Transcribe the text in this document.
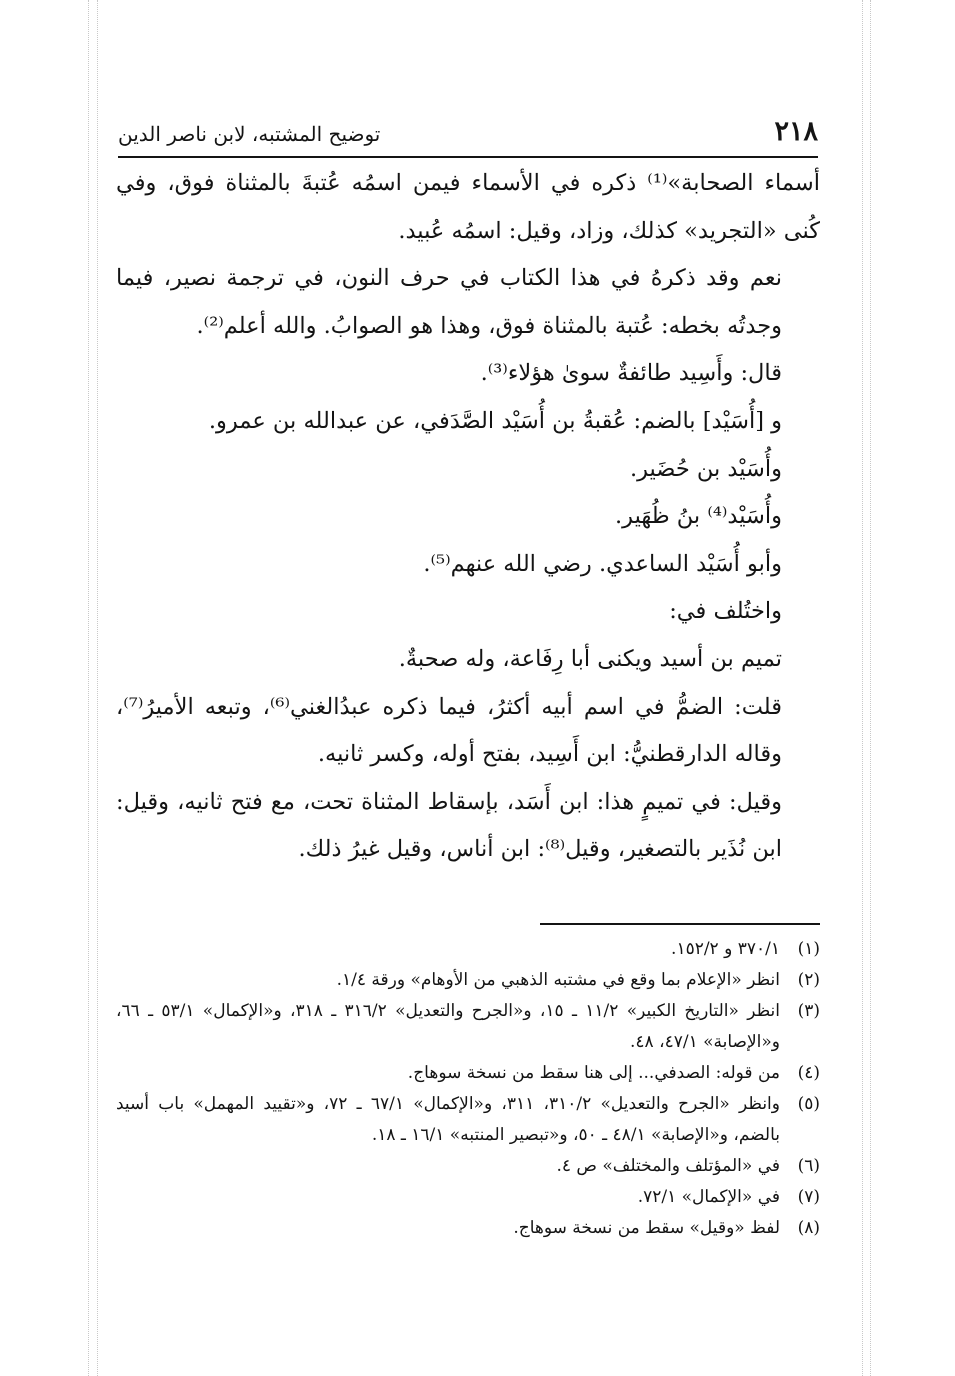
٢١٨
توضيح المشتبه، لابن ناصر الدين

أسماء الصحابة»⁽¹⁾ ذكره في الأسماء فيمن اسمُه عُتبةَ بالمثناة فوق، وفي كُنى «التجريد» كذلك، وزاد، وقيل: اسمُه عُبيد.

نعم وقد ذكرهُ في هذا الكتاب في حرف النون، في ترجمة نصير، فيما وجدتُه بخطه: عُتبة بالمثناة فوق، وهذا هو الصوابُ. والله أعلم⁽²⁾.

قال: وأَسِيد طائفةٌ سوىٰ هؤلاء⁽³⁾.

و [أُسَيْد] بالضم: عُقبةُ بن أُسَيْد الصَّدَفي، عن عبدالله بن عمرو.

وأُسَيْد بن حُضَير.

وأُسَيْد⁽⁴⁾ بنُ ظُهَير.

وأبو أُسَيْد الساعدي. رضي الله عنهم⁽⁵⁾.

واختُلف في:

تميم بن أسيد ويكنى أبا رِفَاعة، وله صحبةٌ.

قلت: الضمُّ في اسم أبيه أكثرُ، فيما ذكره عبدُالغني⁽⁶⁾، وتبعه الأميرُ⁽⁷⁾، وقاله الدارقطنيُّ: ابن أَسِيد، بفتح أوله، وكسر ثانيه.

وقيل: في تميمٍ هذا: ابن أَسَد، بإسقاط المثناة تحت، مع فتح ثانيه، وقيل: ابن نُذَير بالتصغير، وقيل⁽⁸⁾: ابن أناس، وقيل غيرُ ذلك.

(١)
٣٧٠/١ و ١٥٢/٢.
(٢)
انظر «الإعلام بما وقع في مشتبه الذهبي من الأوهام» ورقة ١/٤.
(٣)
انظر «التاريخ الكبير» ١١/٢ ـ ١٥، و«الجرح والتعديل» ٣١٦/٢ ـ ٣١٨، و«الإكمال» ٥٣/١ ـ ٦٦، و«الإصابة» ٤٧/١، ٤٨.
(٤)
من قوله: الصدفي... إلى هنا سقط من نسخة سوهاج.
(٥)
وانظر «الجرح والتعديل» ٣١٠/٢، ٣١١، و«الإكمال» ٦٧/١ ـ ٧٢، و«تقييد المهمل» باب أسيد بالضم، و«الإصابة» ٤٨/١ ـ ٥٠، و«تبصير المنتبه» ١٦/١ ـ ١٨.
(٦)
في «المؤتلف والمختلف» ص ٤.
(٧)
في «الإكمال» ٧٢/١.
(٨)
لفظ «وقيل» سقط من نسخة سوهاج.
